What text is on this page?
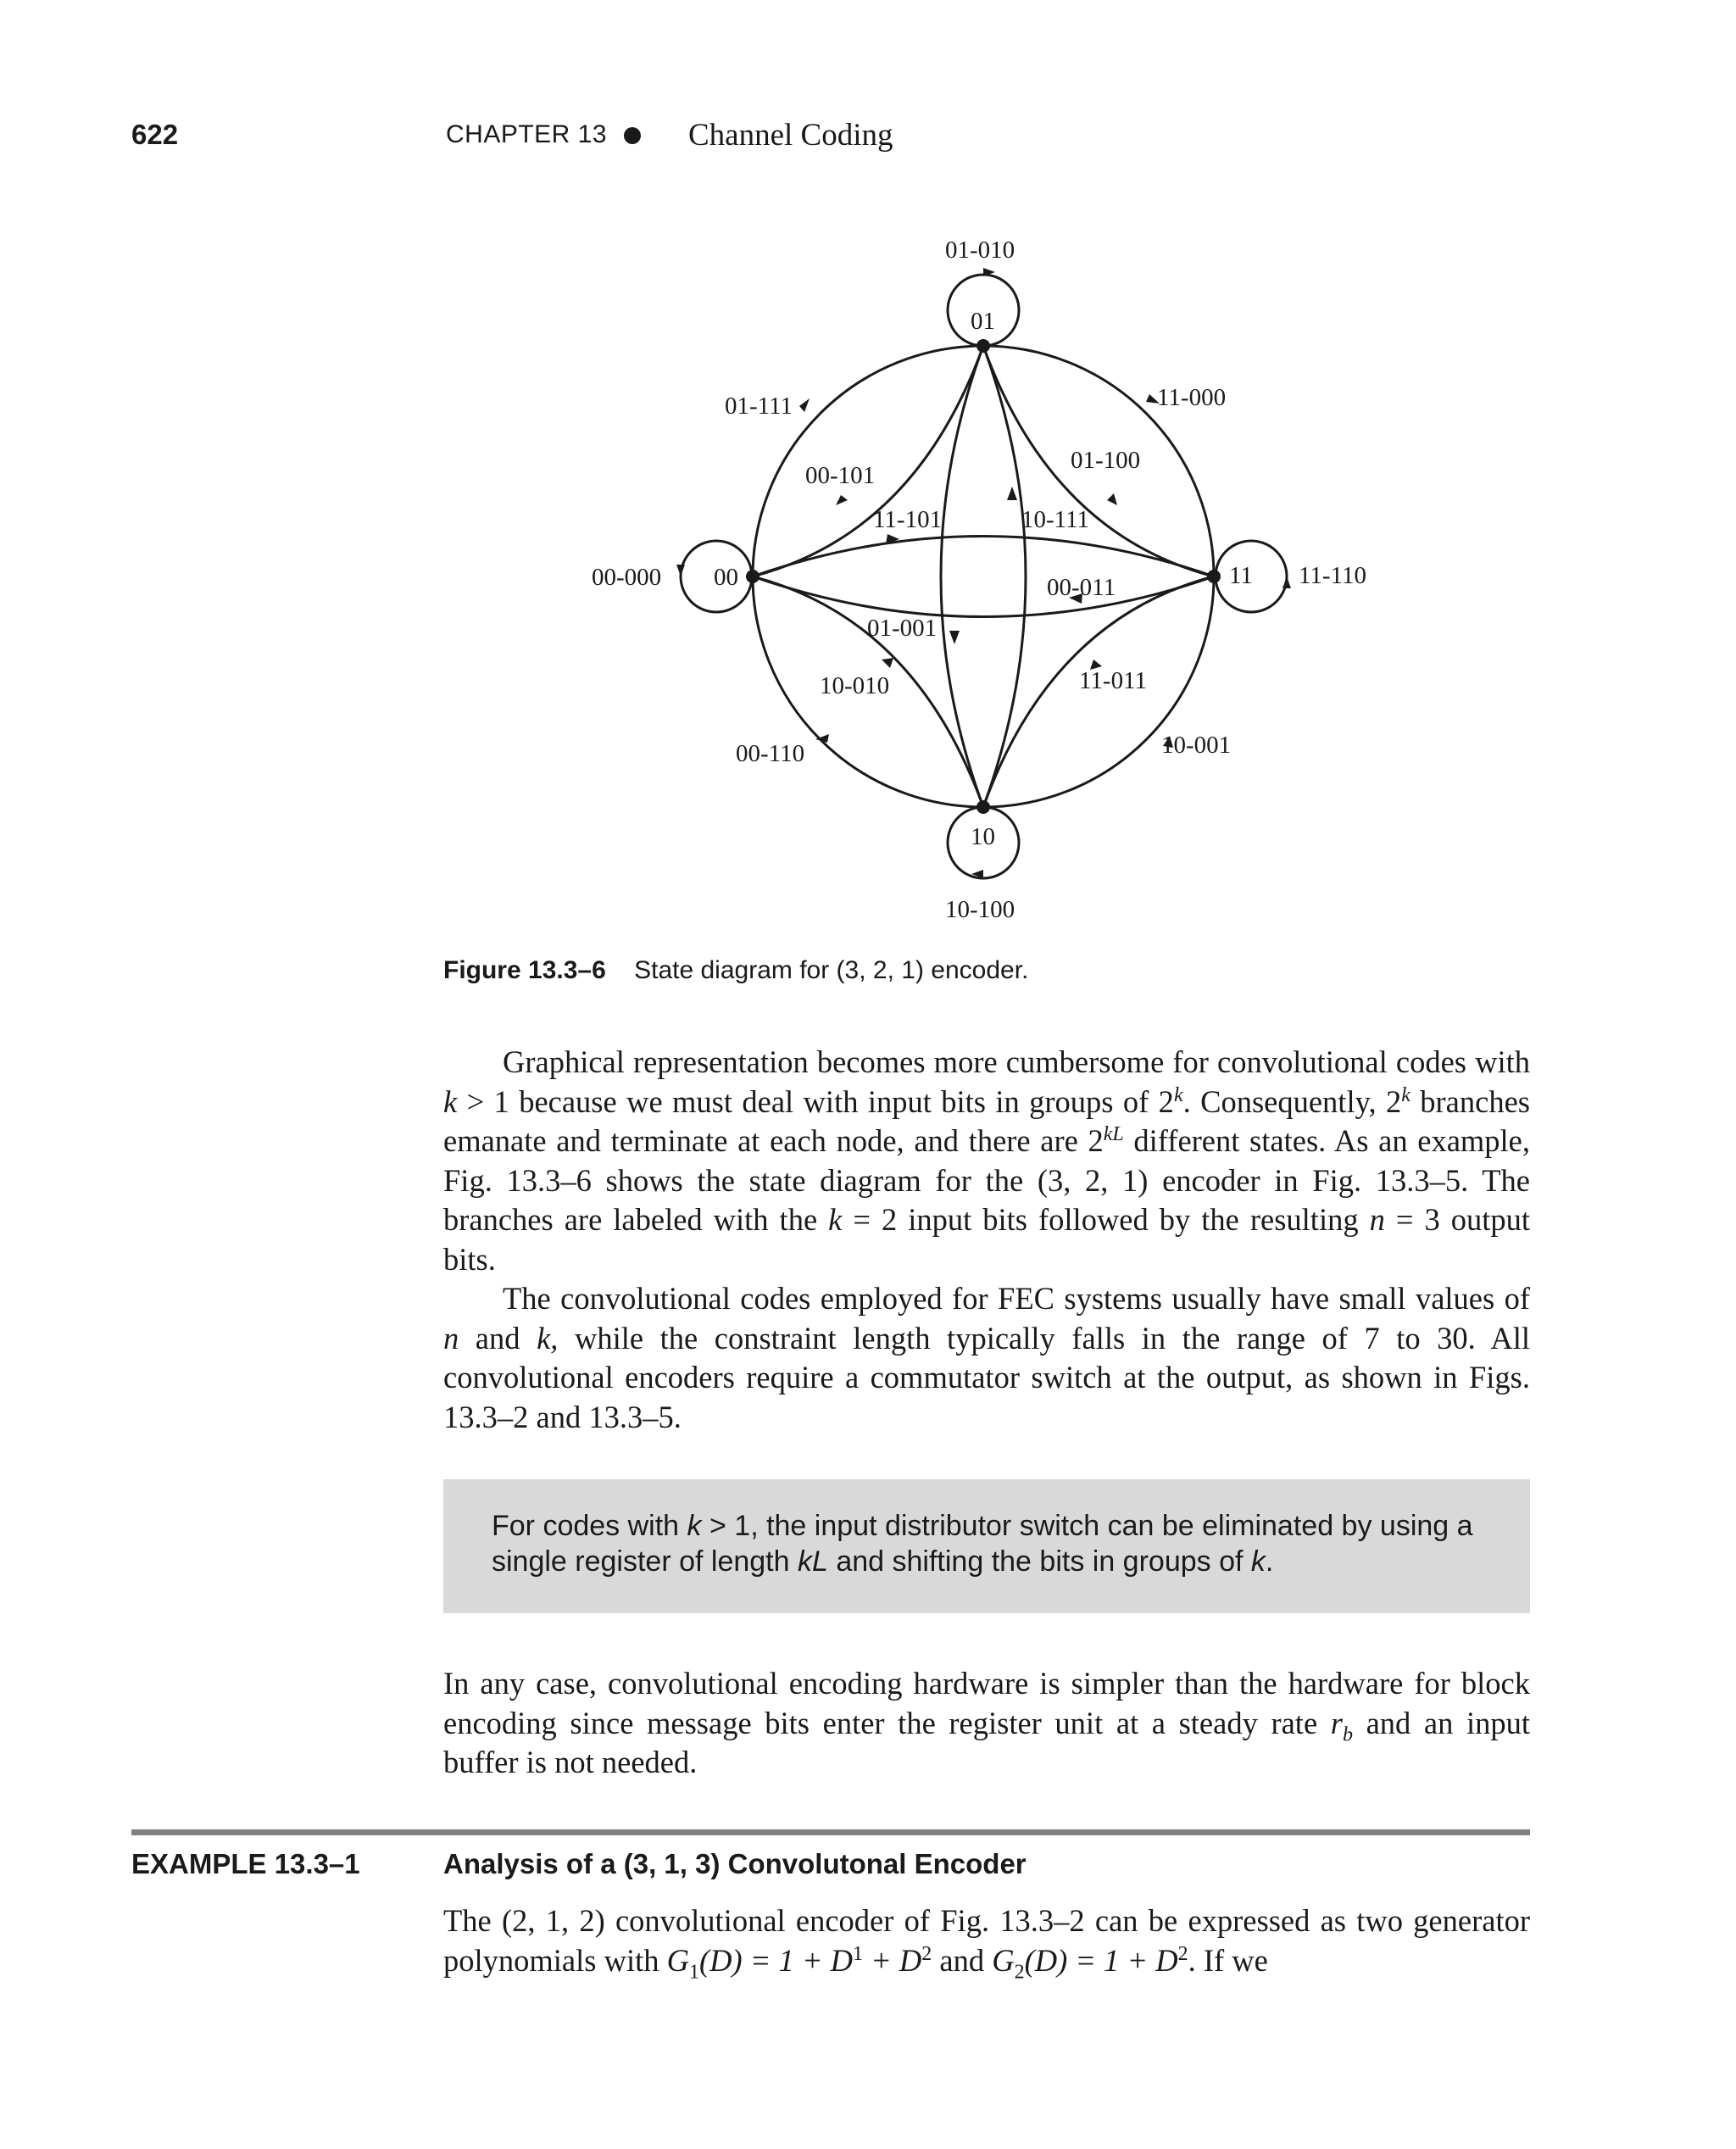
622	CHAPTER 13	Channel Coding
01
10
00	11
01-010
01-111	11-000
00-101
01-100
11-101	10-111
00-000	11-110
00-011
01-001
10-010	11-011
00-110	10-001
10-100
Figure 13.3–6 State diagram for (3, 2, 1) encoder.

Graphical representation becomes more cumbersome for convolutional codes with k > 1 because we must deal with input bits in groups of 2$^k$. Consequently, 2$^k$ branches emanate and terminate at each node, and there are $2^{kL}$ different states. As an example, Fig. 13.3–6 shows the state diagram for the (3, 2, 1) encoder in Fig. 13.3–5. The branches are labeled with the k = 2 input bits followed by the resulting n = 3 output bits.

The convolutional codes employed for FEC systems usually have small values of n and k, while the constraint length typically falls in the range of 7 to 30. All convolutional encoders require a commutator switch at the output, as shown in Figs. 13.3–2 and 13.3–5.

For codes with k > 1, the input distributor switch can be eliminated by using a single register of length kL and shifting the bits in groups of k.

In any case, convolutional encoding hardware is simpler than the hardware for block encoding since message bits enter the register unit at a steady rate $r_b$ and an input buffer is not needed.

EXAMPLE 13.3–1	Analysis of a (3, 1, 3) Convolutonal Encoder

The (2, 1, 2) convolutional encoder of Fig. 13.3–2 can be expressed as two generator polynomials with $G_1(D) = 1 + D^1 + D^2$ and $G_2(D) = 1 + D^2$. If we
